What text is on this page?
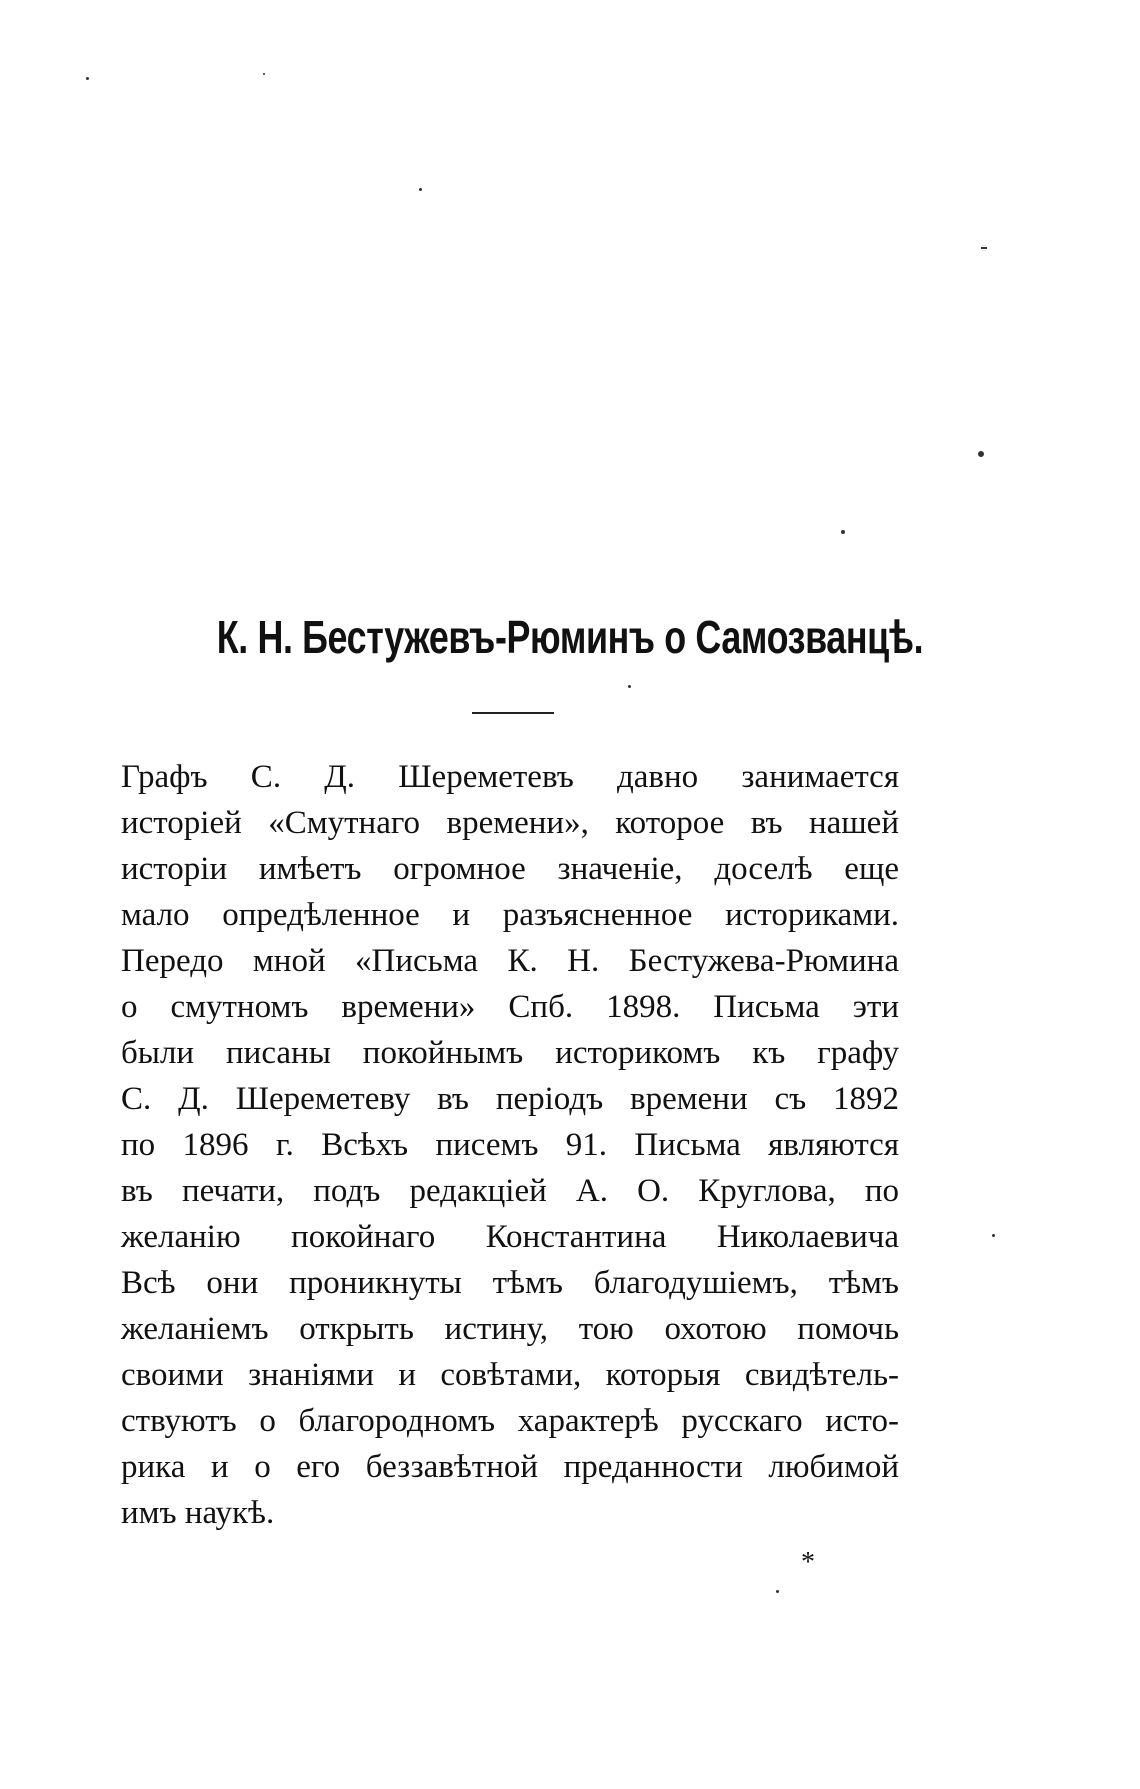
К. Н. Бестужевъ-Рюминъ о Самозванцѣ.
Графъ С. Д. Шереметевъ давно занимается
исторіей «Смутнаго времени», которое въ нашей
исторіи имѣетъ огромное значеніе, доселѣ еще
мало опредѣленное и разъясненное историками.
Передо мной «Письма К. Н. Бестужева-Рюмина
о смутномъ времени» Спб. 1898. Письма эти
были писаны покойнымъ историкомъ къ графу
С. Д. Шереметеву въ періодъ времени съ 1892
по 1896 г. Всѣхъ писемъ 91. Письма являются
въ печати, подъ редакціей А. О. Круглова, по
желанію покойнаго Константина Николаевича
Всѣ они проникнуты тѣмъ благодушіемъ, тѣмъ
желаніемъ открыть истину, тою охотою помочь
своими знаніями и совѣтами, которыя свидѣтель-
ствуютъ о благородномъ характерѣ русскаго исто-
рика и о его беззавѣтной преданности любимой
имъ наукѣ.
*
